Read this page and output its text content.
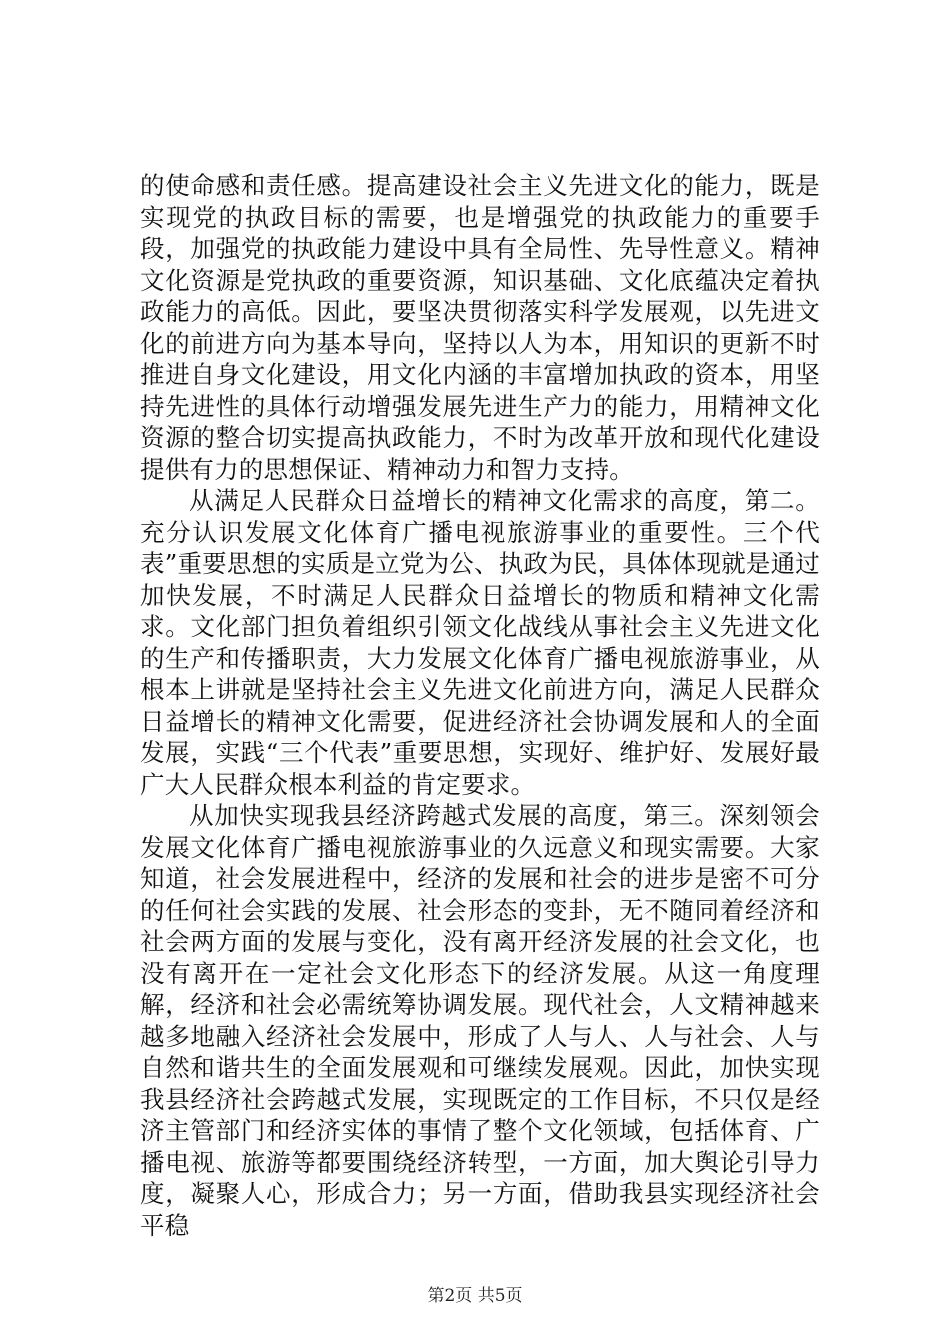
的使命感和责任感。提高建设社会主义先进文化的能力，既是实现党的执政目标的需要，也是增强党的执政能力的重要手段，加强党的执政能力建设中具有全局性、先导性意义。精神文化资源是党执政的重要资源，知识基础、文化底蕴决定着执政能力的高低。因此，要坚决贯彻落实科学发展观，以先进文化的前进方向为基本导向，坚持以人为本，用知识的更新不时推进自身文化建设，用文化内涵的丰富增加执政的资本，用坚持先进性的具体行动增强发展先进生产力的能力，用精神文化资源的整合切实提高执政能力，不时为改革开放和现代化建设提供有力的思想保证、精神动力和智力支持。

从满足人民群众日益增长的精神文化需求的高度，第二。充分认识发展文化体育广播电视旅游事业的重要性。三个代表”重要思想的实质是立党为公、执政为民，具体体现就是通过加快发展，不时满足人民群众日益增长的物质和精神文化需求。文化部门担负着组织引领文化战线从事社会主义先进文化的生产和传播职责，大力发展文化体育广播电视旅游事业，从根本上讲就是坚持社会主义先进文化前进方向，满足人民群众日益增长的精神文化需要，促进经济社会协调发展和人的全面发展，实践“三个代表”重要思想，实现好、维护好、发展好最广大人民群众根本利益的肯定要求。

从加快实现我县经济跨越式发展的高度，第三。深刻领会发展文化体育广播电视旅游事业的久远意义和现实需要。大家知道，社会发展进程中，经济的发展和社会的进步是密不可分的任何社会实践的发展、社会形态的变卦，无不随同着经济和社会两方面的发展与变化，没有离开经济发展的社会文化，也没有离开在一定社会文化形态下的经济发展。从这一角度理解，经济和社会必需统筹协调发展。现代社会，人文精神越来越多地融入经济社会发展中，形成了人与人、人与社会、人与自然和谐共生的全面发展观和可继续发展观。因此，加快实现我县经济社会跨越式发展，实现既定的工作目标，不只仅是经济主管部门和经济实体的事情了整个文化领域，包括体育、广播电视、旅游等都要围绕经济转型，一方面，加大舆论引导力度，凝聚人心，形成合力；另一方面，借助我县实现经济社会平稳

第2页 共5页
